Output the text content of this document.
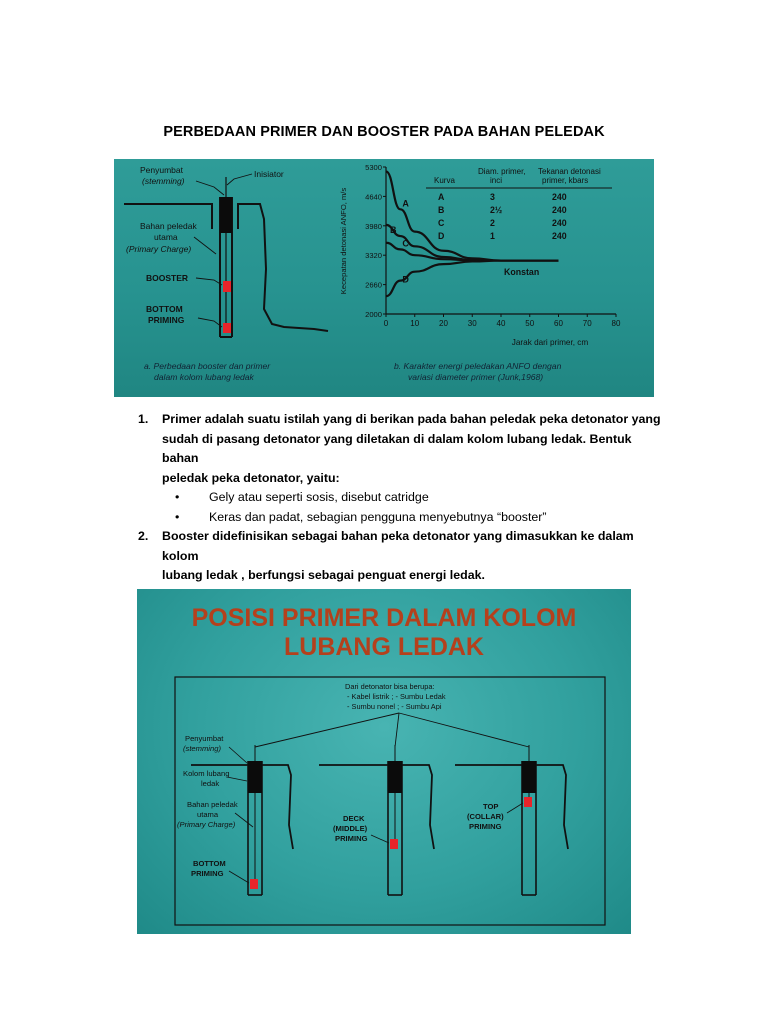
PERBEDAAN PRIMER DAN BOOSTER PADA BAHAN PELEDAK
Penyumbat
(stemming)
Inisiator
Bahan peledak
utama
(Primary Charge)
BOOSTER
BOTTOM
PRIMING
a. Perbedaan booster dan primer
dalam kolom lubang ledak
0	10 20 30 40 50 60 70 80
2000
2660
3320
3980
4640
5300
A
B
C
D
Kurva
Diam. primer,
inci
Tekanan detonasi
primer, kbars
A	3	240
B	2½	240
C	2	240
D	1	240
b. Karakter energi peledakan ANFO dengan
variasi diameter primer (Junk,1968)
Konstan
Jarak dari primer, cm
Kecepatan detonasi ANFO, m/s
1. Primer adalah suatu istilah yang di berikan pada bahan peledak peka detonator yang
sudah di pasang detonator yang diletakan di dalam kolom lubang ledak. Bentuk bahan
peledak peka detonator, yaitu:
• Gely atau seperti sosis, disebut catridge
• Keras dan padat, sebagian pengguna menyebutnya “booster”
2. Booster didefinisikan sebagai bahan peka detonator yang dimasukkan ke dalam kolom
lubang ledak , berfungsi sebagai penguat energi ledak.
POSISI PRIMER DALAM KOLOM
LUBANG LEDAK
Dari detonator bisa berupa:
- Kabel listrik ; - Sumbu Ledak
- Sumbu nonel ; - Sumbu Api
Penyumbat
(stemming)
Kolom lubang
ledak
Bahan peledak
utama
(Primary Charge)
BOTTOM
PRIMING
DECK
(MIDDLE)
PRIMING
TOP
(COLLAR)
PRIMING
